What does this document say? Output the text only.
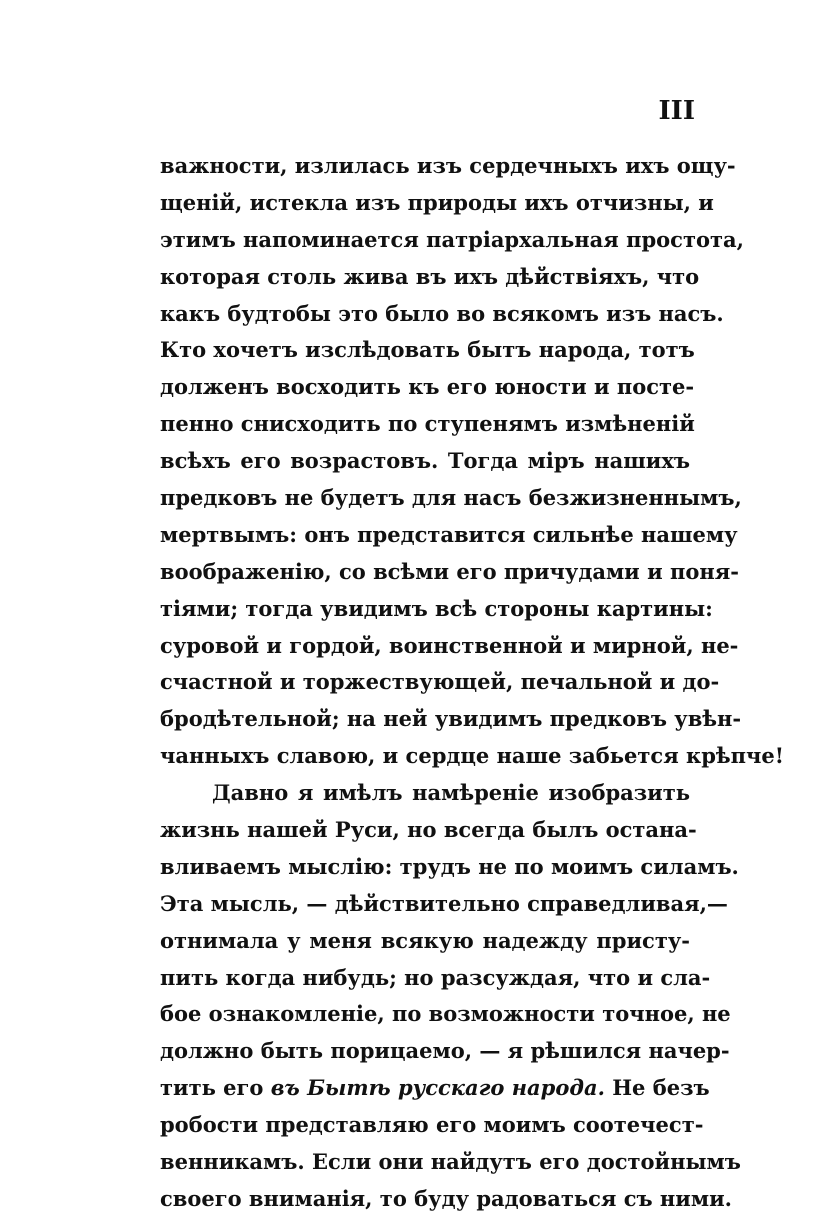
III
важности, излилась изъ сердечныхъ ихъ ощу-
щеній, истекла изъ природы ихъ отчизны, и
этимъ напоминается патріархальная простота,
которая столь жива въ ихъ дѣйствіяхъ, что
какъ будтобы это было во всякомъ изъ насъ.
Кто хочетъ изслѣдовать бытъ народа, тотъ
долженъ восходить къ его юности и посте-
пенно снисходить по ступенямъ измѣненій
всѣхъ его возрастовъ. Тогда міръ нашихъ
предковъ не будетъ для насъ безжизненнымъ,
мертвымъ: онъ представится сильнѣе нашему
воображенію, со всѣми его причудами и поня-
тіями; тогда увидимъ всѣ стороны картины:
суровой и гордой, воинственной и мирной, не-
счастной и торжествующей, печальной и до-
бродѣтельной; на ней увидимъ предковъ увѣн-
чанныхъ славою, и сердце наше забьется крѣпче!
Давно я имѣлъ намѣреніе изобразить
жизнь нашей Руси, но всегда былъ остана-
вливаемъ мыслію: трудъ не по моимъ силамъ.
Эта мысль, — дѣйствительно справедливая,—
отнимала у меня всякую надежду присту-
пить когда нибудь; но разсуждая, что и сла-
бое ознакомленіе, по возможности точное, не
должно быть порицаемо, — я рѣшился начер-
тить его въ Бытѣ русскаго народа. Не безъ
робости представляю его моимъ соотечест-
венникамъ. Если они найдутъ его достойнымъ
своего вниманія, то буду радоваться съ ними.
